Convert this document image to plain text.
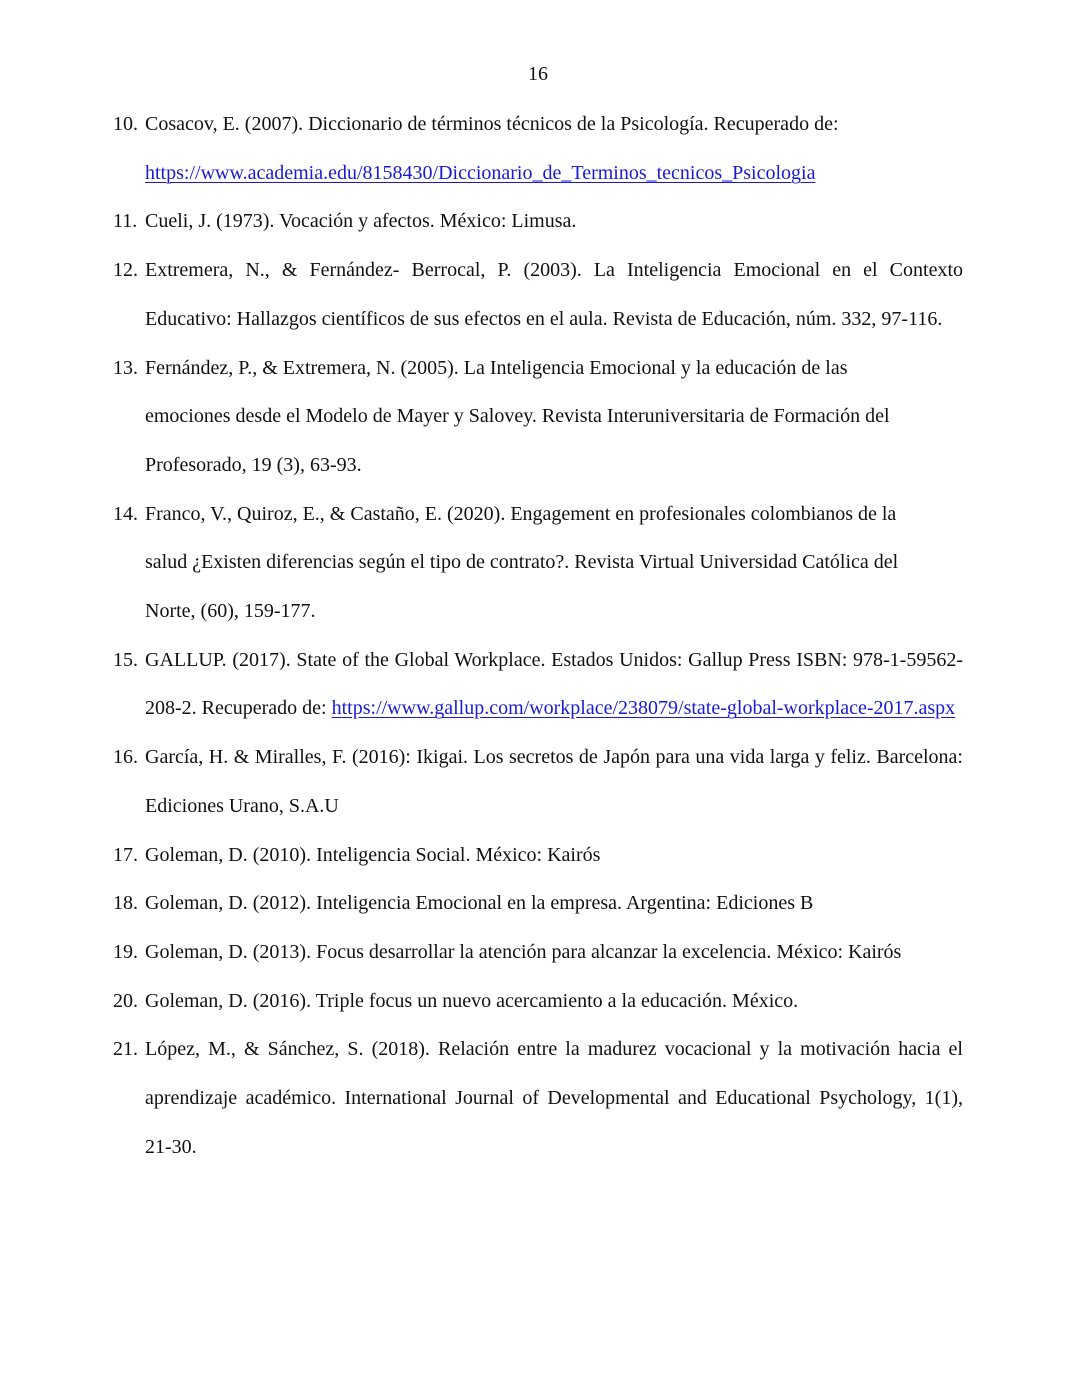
16
10. Cosacov, E. (2007). Diccionario de términos técnicos de la Psicología. Recuperado de:
https://www.academia.edu/8158430/Diccionario_de_Terminos_tecnicos_Psicologia
11. Cueli, J. (1973). Vocación y afectos. México: Limusa.
12. Extremera, N., & Fernández- Berrocal, P. (2003). La Inteligencia Emocional en el Contexto Educativo: Hallazgos científicos de sus efectos en el aula. Revista de Educación, núm. 332, 97-116.
13. Fernández, P., & Extremera, N. (2005). La Inteligencia Emocional y la educación de las
emociones desde el Modelo de Mayer y Salovey. Revista Interuniversitaria de Formación del
Profesorado, 19 (3), 63-93.
14. Franco, V., Quiroz, E., & Castaño, E. (2020). Engagement en profesionales colombianos de la
salud ¿Existen diferencias según el tipo de contrato?. Revista Virtual Universidad Católica del
Norte, (60), 159-177.
15. GALLUP. (2017). State of the Global Workplace. Estados Unidos: Gallup Press ISBN: 978-1-59562-208-2. Recuperado de: https://www.gallup.com/workplace/238079/state-global-workplace-2017.aspx
16. García, H. & Miralles, F. (2016): Ikigai. Los secretos de Japón para una vida larga y feliz. Barcelona: Ediciones Urano, S.A.U
17. Goleman, D. (2010). Inteligencia Social. México: Kairós
18. Goleman, D. (2012). Inteligencia Emocional en la empresa. Argentina: Ediciones B
19. Goleman, D. (2013). Focus desarrollar la atención para alcanzar la excelencia. México: Kairós
20. Goleman, D. (2016). Triple focus un nuevo acercamiento a la educación. México.
21. López, M., & Sánchez, S. (2018). Relación entre la madurez vocacional y la motivación hacia el aprendizaje académico. International Journal of Developmental and Educational Psychology, 1(1), 21-30.
